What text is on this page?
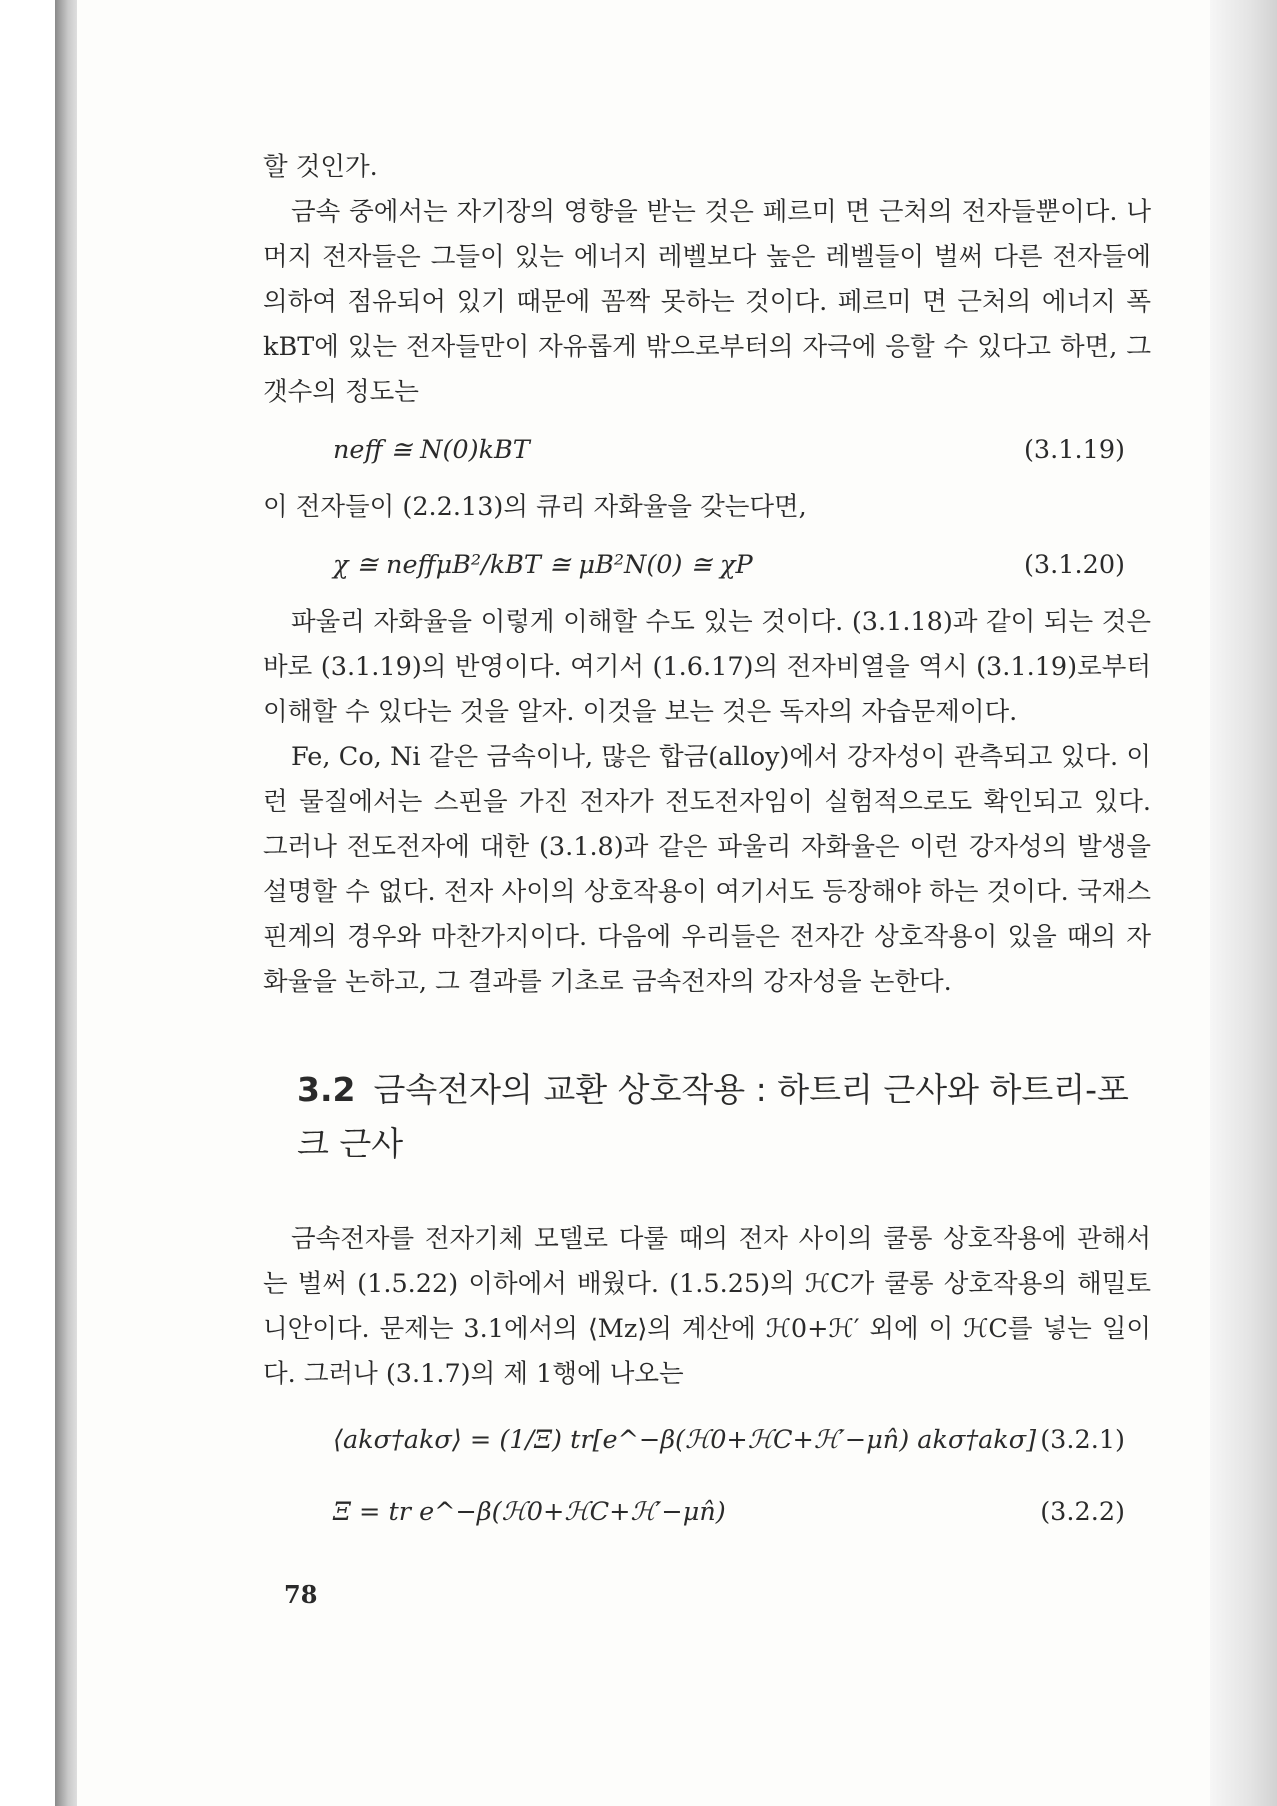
할 것인가.

금속 중에서는 자기장의 영향을 받는 것은 페르미 면 근처의 전자들뿐이다. 나머지 전자들은 그들이 있는 에너지 레벨보다 높은 레벨들이 벌써 다른 전자들에 의하여 점유되어 있기 때문에 꼼짝 못하는 것이다. 페르미 면 근처의 에너지 폭 kBT에 있는 전자들만이 자유롭게 밖으로부터의 자극에 응할 수 있다고 하면, 그 갯수의 정도는

neff ≅ N(0)kBT	(3.1.19)

이 전자들이 (2.2.13)의 큐리 자화율을 갖는다면,

χ ≅ neffμB²/kBT ≅ μB²N(0) ≅ χP	(3.1.20)

파울리 자화율을 이렇게 이해할 수도 있는 것이다. (3.1.18)과 같이 되는 것은 바로 (3.1.19)의 반영이다. 여기서 (1.6.17)의 전자비열을 역시 (3.1.19)로부터 이해할 수 있다는 것을 알자. 이것을 보는 것은 독자의 자습문제이다.

Fe, Co, Ni 같은 금속이나, 많은 합금(alloy)에서 강자성이 관측되고 있다. 이런 물질에서는 스핀을 가진 전자가 전도전자임이 실험적으로도 확인되고 있다. 그러나 전도전자에 대한 (3.1.8)과 같은 파울리 자화율은 이런 강자성의 발생을 설명할 수 없다. 전자 사이의 상호작용이 여기서도 등장해야 하는 것이다. 국재스핀계의 경우와 마찬가지이다. 다음에 우리들은 전자간 상호작용이 있을 때의 자화율을 논하고, 그 결과를 기초로 금속전자의 강자성을 논한다.

3.2 금속전자의 교환 상호작용 : 하트리 근사와 하트리-포크 근사

금속전자를 전자기체 모델로 다룰 때의 전자 사이의 쿨롱 상호작용에 관해서는 벌써 (1.5.22) 이하에서 배웠다. (1.5.25)의 ℋC가 쿨롱 상호작용의 해밀토니안이다. 문제는 3.1에서의 ⟨Mz⟩의 계산에 ℋ0+ℋ′ 외에 이 ℋC를 넣는 일이다. 그러나 (3.1.7)의 제 1행에 나오는

⟨akσ†akσ⟩ = (1/Ξ) tr[e^−β(ℋ0+ℋC+ℋ′−μn̂) akσ†akσ] (3.2.1)
Ξ = tr e^−β(ℋ0+ℋC+ℋ′−μn̂)	(3.2.2)
78
